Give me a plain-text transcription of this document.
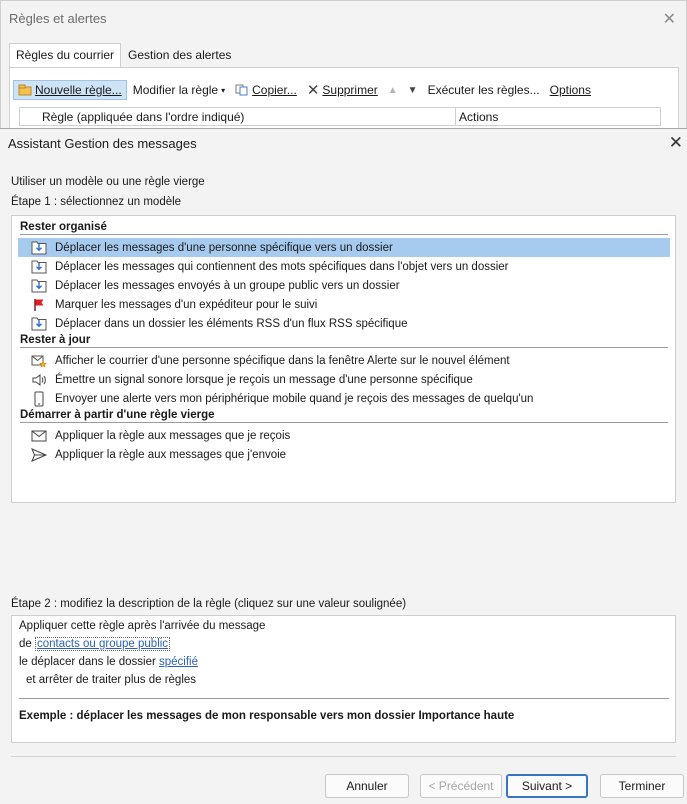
Règles et alertes	✕
Règles du courrier	Gestion des alertes
Nouvelle règle... Modifier la règle ▾ Copier... ✕ Supprimer ▲ ▼ Exécuter les règles... Options
Règle (appliquée dans l'ordre indiqué)	Actions
Assistant Gestion des messages	✕
Utiliser un modèle ou une règle vierge
Étape 1 : sélectionnez un modèle
Rester organisé
Déplacer les messages d'une personne spécifique vers un dossier
Déplacer les messages qui contiennent des mots spécifiques dans l'objet vers un dossier
Déplacer les messages envoyés à un groupe public vers un dossier
Marquer les messages d'un expéditeur pour le suivi
Déplacer dans un dossier les éléments RSS d'un flux RSS spécifique
Rester à jour
Afficher le courrier d'une personne spécifique dans la fenêtre Alerte sur le nouvel élément
Émettre un signal sonore lorsque je reçois un message d'une personne spécifique
Envoyer une alerte vers mon périphérique mobile quand je reçois des messages de quelqu'un
Démarrer à partir d'une règle vierge
Appliquer la règle aux messages que je reçois
Appliquer la règle aux messages que j'envoie
Étape 2 : modifiez la description de la règle (cliquez sur une valeur soulignée)
Appliquer cette règle après l'arrivée du message
de contacts ou groupe public
le déplacer dans le dossier spécifié
et arrêter de traiter plus de règles
Exemple : déplacer les messages de mon responsable vers mon dossier Importance haute
Annuler	< Précédent	Suivant >	Terminer
